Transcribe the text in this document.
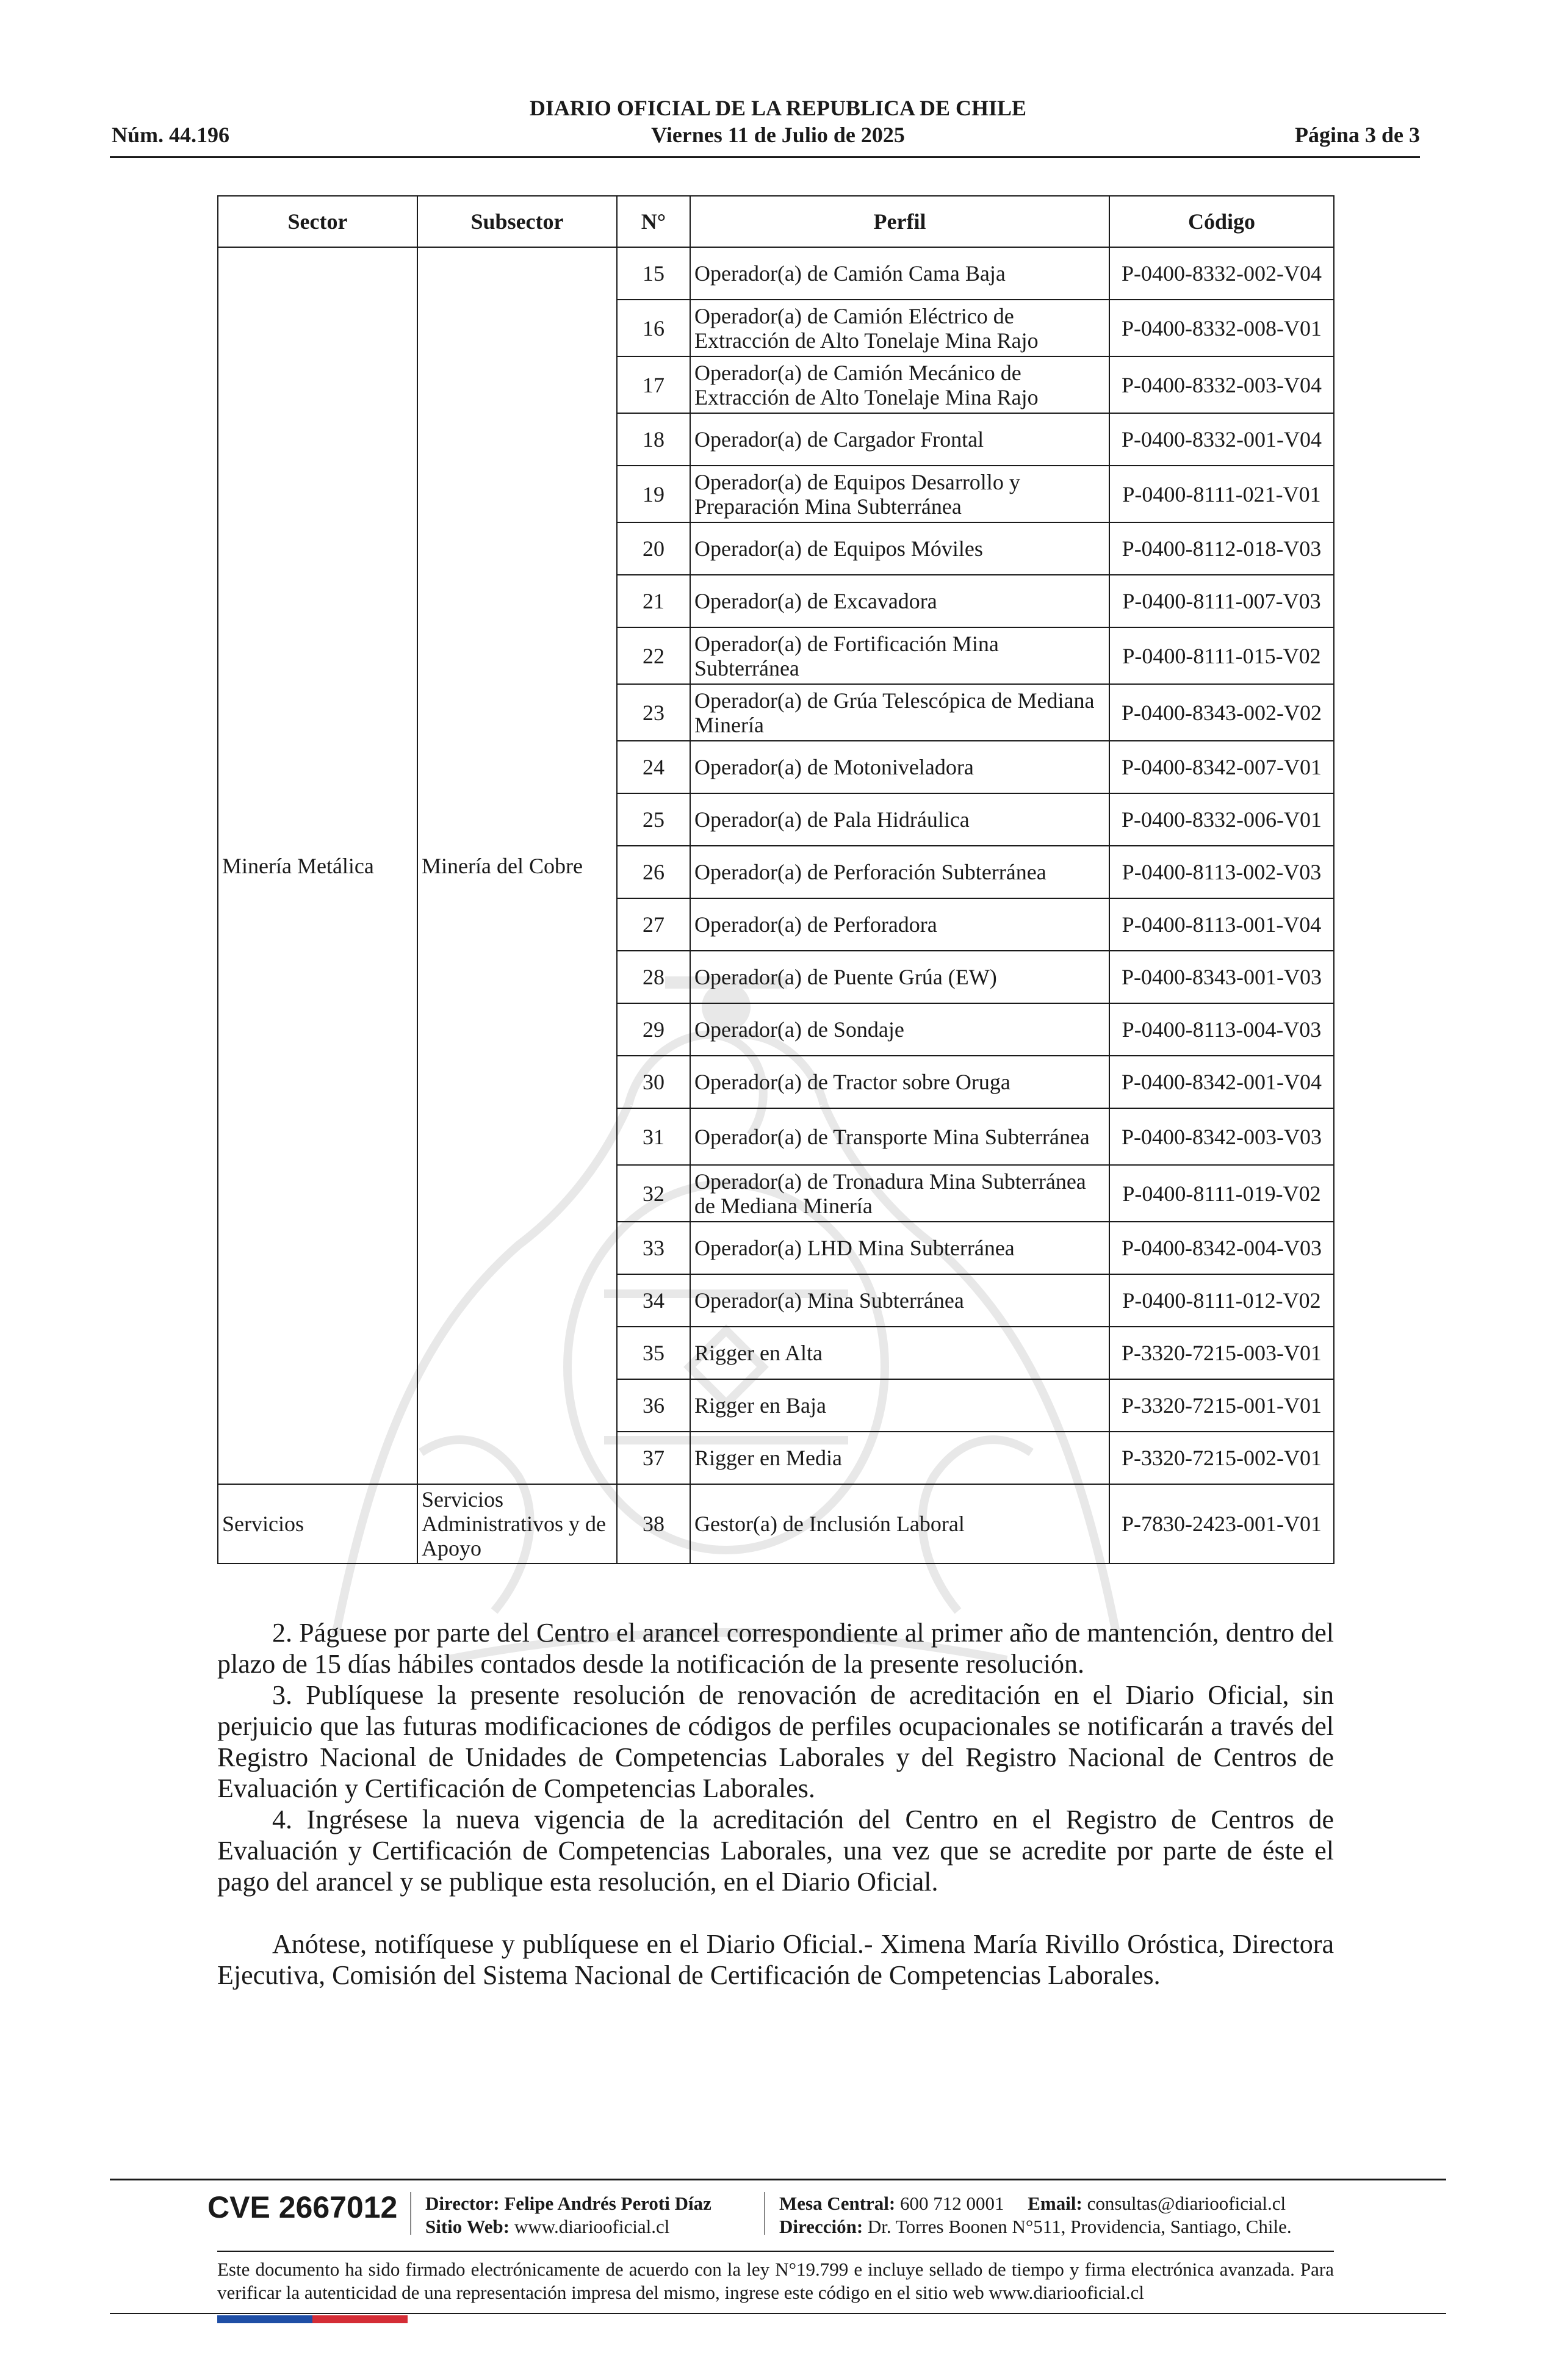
DIARIO OFICIAL DE LA REPUBLICA DE CHILE
Núm. 44.196	Viernes 11 de Julio de 2025	Página 3 de 3
Sector	Subsector	N°	Perfil	Código
Minería Metálica	Minería del Cobre	15	Operador(a) de Camión Cama Baja	P-0400-8332-002-V04
		16	Operador(a) de Camión Eléctrico de Extracción de Alto Tonelaje Mina Rajo	P-0400-8332-008-V01
		17	Operador(a) de Camión Mecánico de Extracción de Alto Tonelaje Mina Rajo	P-0400-8332-003-V04
		18	Operador(a) de Cargador Frontal	P-0400-8332-001-V04
		19	Operador(a) de Equipos Desarrollo y Preparación Mina Subterránea	P-0400-8111-021-V01
		20	Operador(a) de Equipos Móviles	P-0400-8112-018-V03
		21	Operador(a) de Excavadora	P-0400-8111-007-V03
		22	Operador(a) de Fortificación Mina Subterránea	P-0400-8111-015-V02
		23	Operador(a) de Grúa Telescópica de Mediana Minería	P-0400-8343-002-V02
		24	Operador(a) de Motoniveladora	P-0400-8342-007-V01
		25	Operador(a) de Pala Hidráulica	P-0400-8332-006-V01
		26	Operador(a) de Perforación Subterránea	P-0400-8113-002-V03
		27	Operador(a) de Perforadora	P-0400-8113-001-V04
		28	Operador(a) de Puente Grúa (EW)	P-0400-8343-001-V03
		29	Operador(a) de Sondaje	P-0400-8113-004-V03
		30	Operador(a) de Tractor sobre Oruga	P-0400-8342-001-V04
		31	Operador(a) de Transporte Mina Subterránea	P-0400-8342-003-V03
		32	Operador(a) de Tronadura Mina Subterránea de Mediana Minería	P-0400-8111-019-V02
		33	Operador(a) LHD Mina Subterránea	P-0400-8342-004-V03
		34	Operador(a) Mina Subterránea	P-0400-8111-012-V02
		35	Rigger en Alta	P-3320-7215-003-V01
		36	Rigger en Baja	P-3320-7215-001-V01
		37	Rigger en Media	P-3320-7215-002-V01
Servicios	Servicios Administrativos y de Apoyo	38	Gestor(a) de Inclusión Laboral	P-7830-2423-001-V01

2. Páguese por parte del Centro el arancel correspondiente al primer año de mantención, dentro del plazo de 15 días hábiles contados desde la notificación de la presente resolución.

3. Publíquese la presente resolución de renovación de acreditación en el Diario Oficial, sin perjuicio que las futuras modificaciones de códigos de perfiles ocupacionales se notificarán a través del Registro Nacional de Unidades de Competencias Laborales y del Registro Nacional de Centros de Evaluación y Certificación de Competencias Laborales.

4. Ingrésese la nueva vigencia de la acreditación del Centro en el Registro de Centros de Evaluación y Certificación de Competencias Laborales, una vez que se acredite por parte de éste el pago del arancel y se publique esta resolución, en el Diario Oficial.

Anótese, notifíquese y publíquese en el Diario Oficial.- Ximena María Rivillo Oróstica, Directora Ejecutiva, Comisión del Sistema Nacional de Certificación de Competencias Laborales.

CVE 2667012 Director: Felipe Andrés Peroti Díaz
Sitio Web: www.diariooficial.cl
Mesa Central: 600 712 0001 Email: consultas@diariooficial.cl
Dirección: Dr. Torres Boonen N°511, Providencia, Santiago, Chile.
Este documento ha sido firmado electrónicamente de acuerdo con la ley N°19.799 e incluye sellado de tiempo y firma electrónica avanzada. Para verificar la autenticidad de una representación impresa del mismo, ingrese este código en el sitio web www.diariooficial.cl
